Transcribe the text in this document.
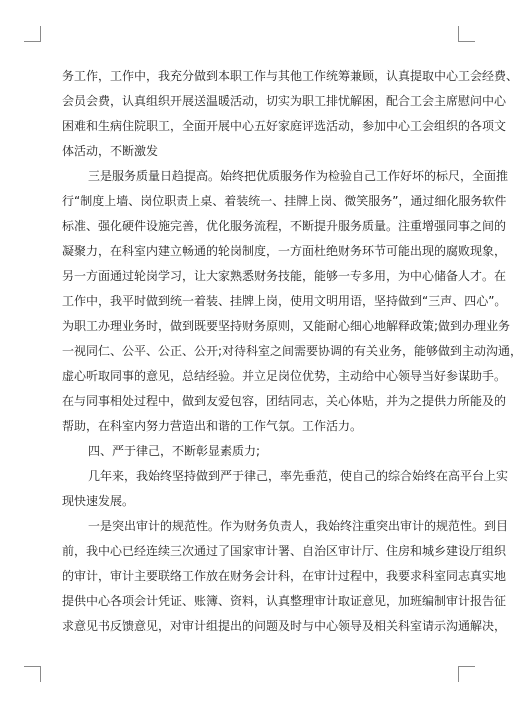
务工作，工作中，我充分做到本职工作与其他工作统筹兼顾，认真提取中心工会经费、
会员会费，认真组织开展送温暖活动，切实为职工排忧解困，配合工会主席慰问中心
困难和生病住院职工，全面开展中心五好家庭评选活动，参加中心工会组织的各项文
体活动，不断激发
三是服务质量日趋提高。始终把优质服务作为检验自己工作好坏的标尺，全面推
行“制度上墙、岗位职责上桌、着装统一、挂牌上岗、微笑服务”，通过细化服务软件
标准、强化硬件设施完善，优化服务流程，不断提升服务质量。注重增强同事之间的
凝聚力，在科室内建立畅通的轮岗制度，一方面杜绝财务环节可能出现的腐败现象，
另一方面通过轮岗学习，让大家熟悉财务技能，能够一专多用，为中心储备人才。在
工作中，我平时做到统一着装、挂牌上岗，使用文明用语，坚持做到“三声、四心”。
为职工办理业务时，做到既要坚持财务原则，又能耐心细心地解释政策;做到办理业务
一视同仁、公平、公正、公开;对待科室之间需要协调的有关业务，能够做到主动沟通，
虚心听取同事的意见，总结经验。并立足岗位优势，主动给中心领导当好参谋助手。
在与同事相处过程中，做到友爱包容，团结同志，关心体贴，并为之提供力所能及的
帮助，在科室内努力营造出和谐的工作气氛。工作活力。
四、严于律己，不断彰显素质力;
几年来，我始终坚持做到严于律己，率先垂范，使自己的综合始终在高平台上实
现快速发展。
一是突出审计的规范性。作为财务负责人，我始终注重突出审计的规范性。到目
前，我中心已经连续三次通过了国家审计署、自治区审计厅、住房和城乡建设厅组织
的审计，审计主要联络工作放在财务会计科，在审计过程中，我要求科室同志真实地
提供中心各项会计凭证、账簿、资料，认真整理审计取证意见，加班编制审计报告征
求意见书反馈意见，对审计组提出的问题及时与中心领导及相关科室请示沟通解决，
